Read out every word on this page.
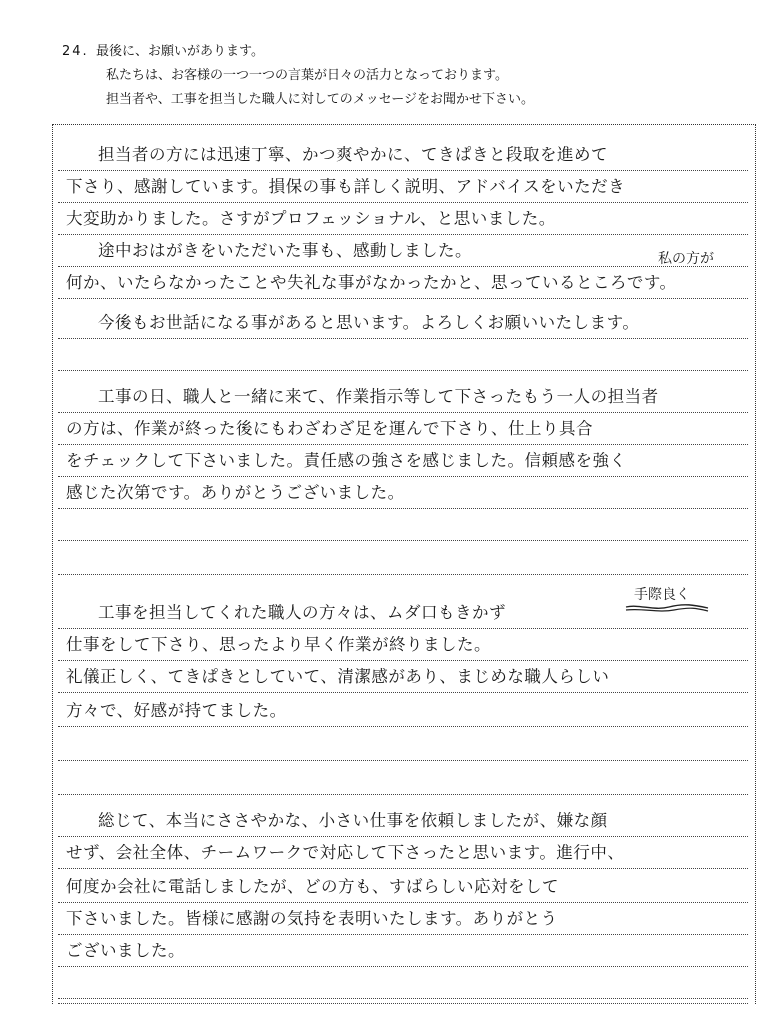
24. 最後に、お願いがあります。
私たちは、お客様の一つ一つの言葉が日々の活力となっております。
担当者や、工事を担当した職人に対してのメッセージをお聞かせ下さい。
担当者の方には迅速丁寧、かつ爽やかに、てきぱきと段取を進めて
下さり、感謝しています。損保の事も詳しく説明、アドバイスをいただき
大変助かりました。さすがプロフェッショナル、と思いました。
途中おはがきをいただいた事も、感動しました。
何か、いたらなかったことや失礼な事がなかったかと、思っているところです。
今後もお世話になる事があると思います。よろしくお願いいたします。
工事の日、職人と一緒に来て、作業指示等して下さったもう一人の担当者
の方は、作業が終った後にもわざわざ足を運んで下さり、仕上り具合
をチェックして下さいました。責任感の強さを感じました。信頼感を強く
感じた次第です。ありがとうございました。
工事を担当してくれた職人の方々は、ムダ口もきかず
仕事をして下さり、思ったより早く作業が終りました。
礼儀正しく、てきぱきとしていて、清潔感があり、まじめな職人らしい
方々で、好感が持てました。
総じて、本当にささやかな、小さい仕事を依頼しましたが、嫌な顔
せず、会社全体、チームワークで対応して下さったと思います。進行中、
何度か会社に電話しましたが、どの方も、すばらしい応対をして
下さいました。皆様に感謝の気持を表明いたします。ありがとう
ございました。
私の方が
手際良く
